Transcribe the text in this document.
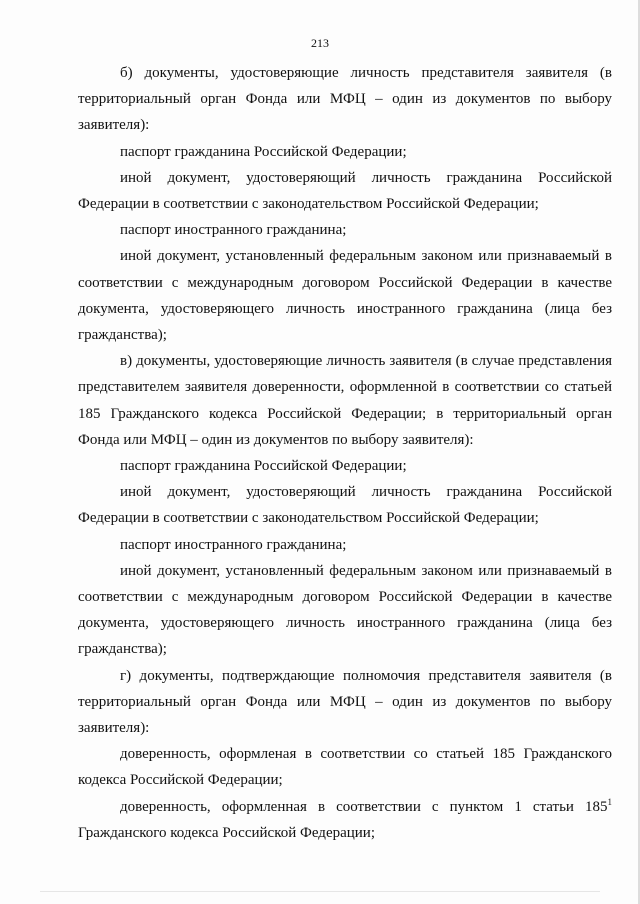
213

б) документы, удостоверяющие личность представителя заявителя (в территориальный орган Фонда или МФЦ – один из документов по выбору заявителя):

паспорт гражданина Российской Федерации;

иной документ, удостоверяющий личность гражданина Российской Федерации в соответствии с законодательством Российской Федерации;

паспорт иностранного гражданина;

иной документ, установленный федеральным законом или признаваемый в соответствии с международным договором Российской Федерации в качестве документа, удостоверяющего личность иностранного гражданина (лица без гражданства);

в) документы, удостоверяющие личность заявителя (в случае представления представителем заявителя доверенности, оформленной в соответствии со статьей 185 Гражданского кодекса Российской Федерации; в территориальный орган Фонда или МФЦ – один из документов по выбору заявителя):

паспорт гражданина Российской Федерации;

иной документ, удостоверяющий личность гражданина Российской Федерации в соответствии с законодательством Российской Федерации;

паспорт иностранного гражданина;

иной документ, установленный федеральным законом или признаваемый в соответствии с международным договором Российской Федерации в качестве документа, удостоверяющего личность иностранного гражданина (лица без гражданства);

г) документы, подтверждающие полномочия представителя заявителя (в территориальный орган Фонда или МФЦ – один из документов по выбору заявителя):

доверенность, оформленая в соответствии со статьей 185 Гражданского кодекса Российской Федерации;

доверенность, оформленная в соответствии с пунктом 1 статьи $185^1$ Гражданского кодекса Российской Федерации;
